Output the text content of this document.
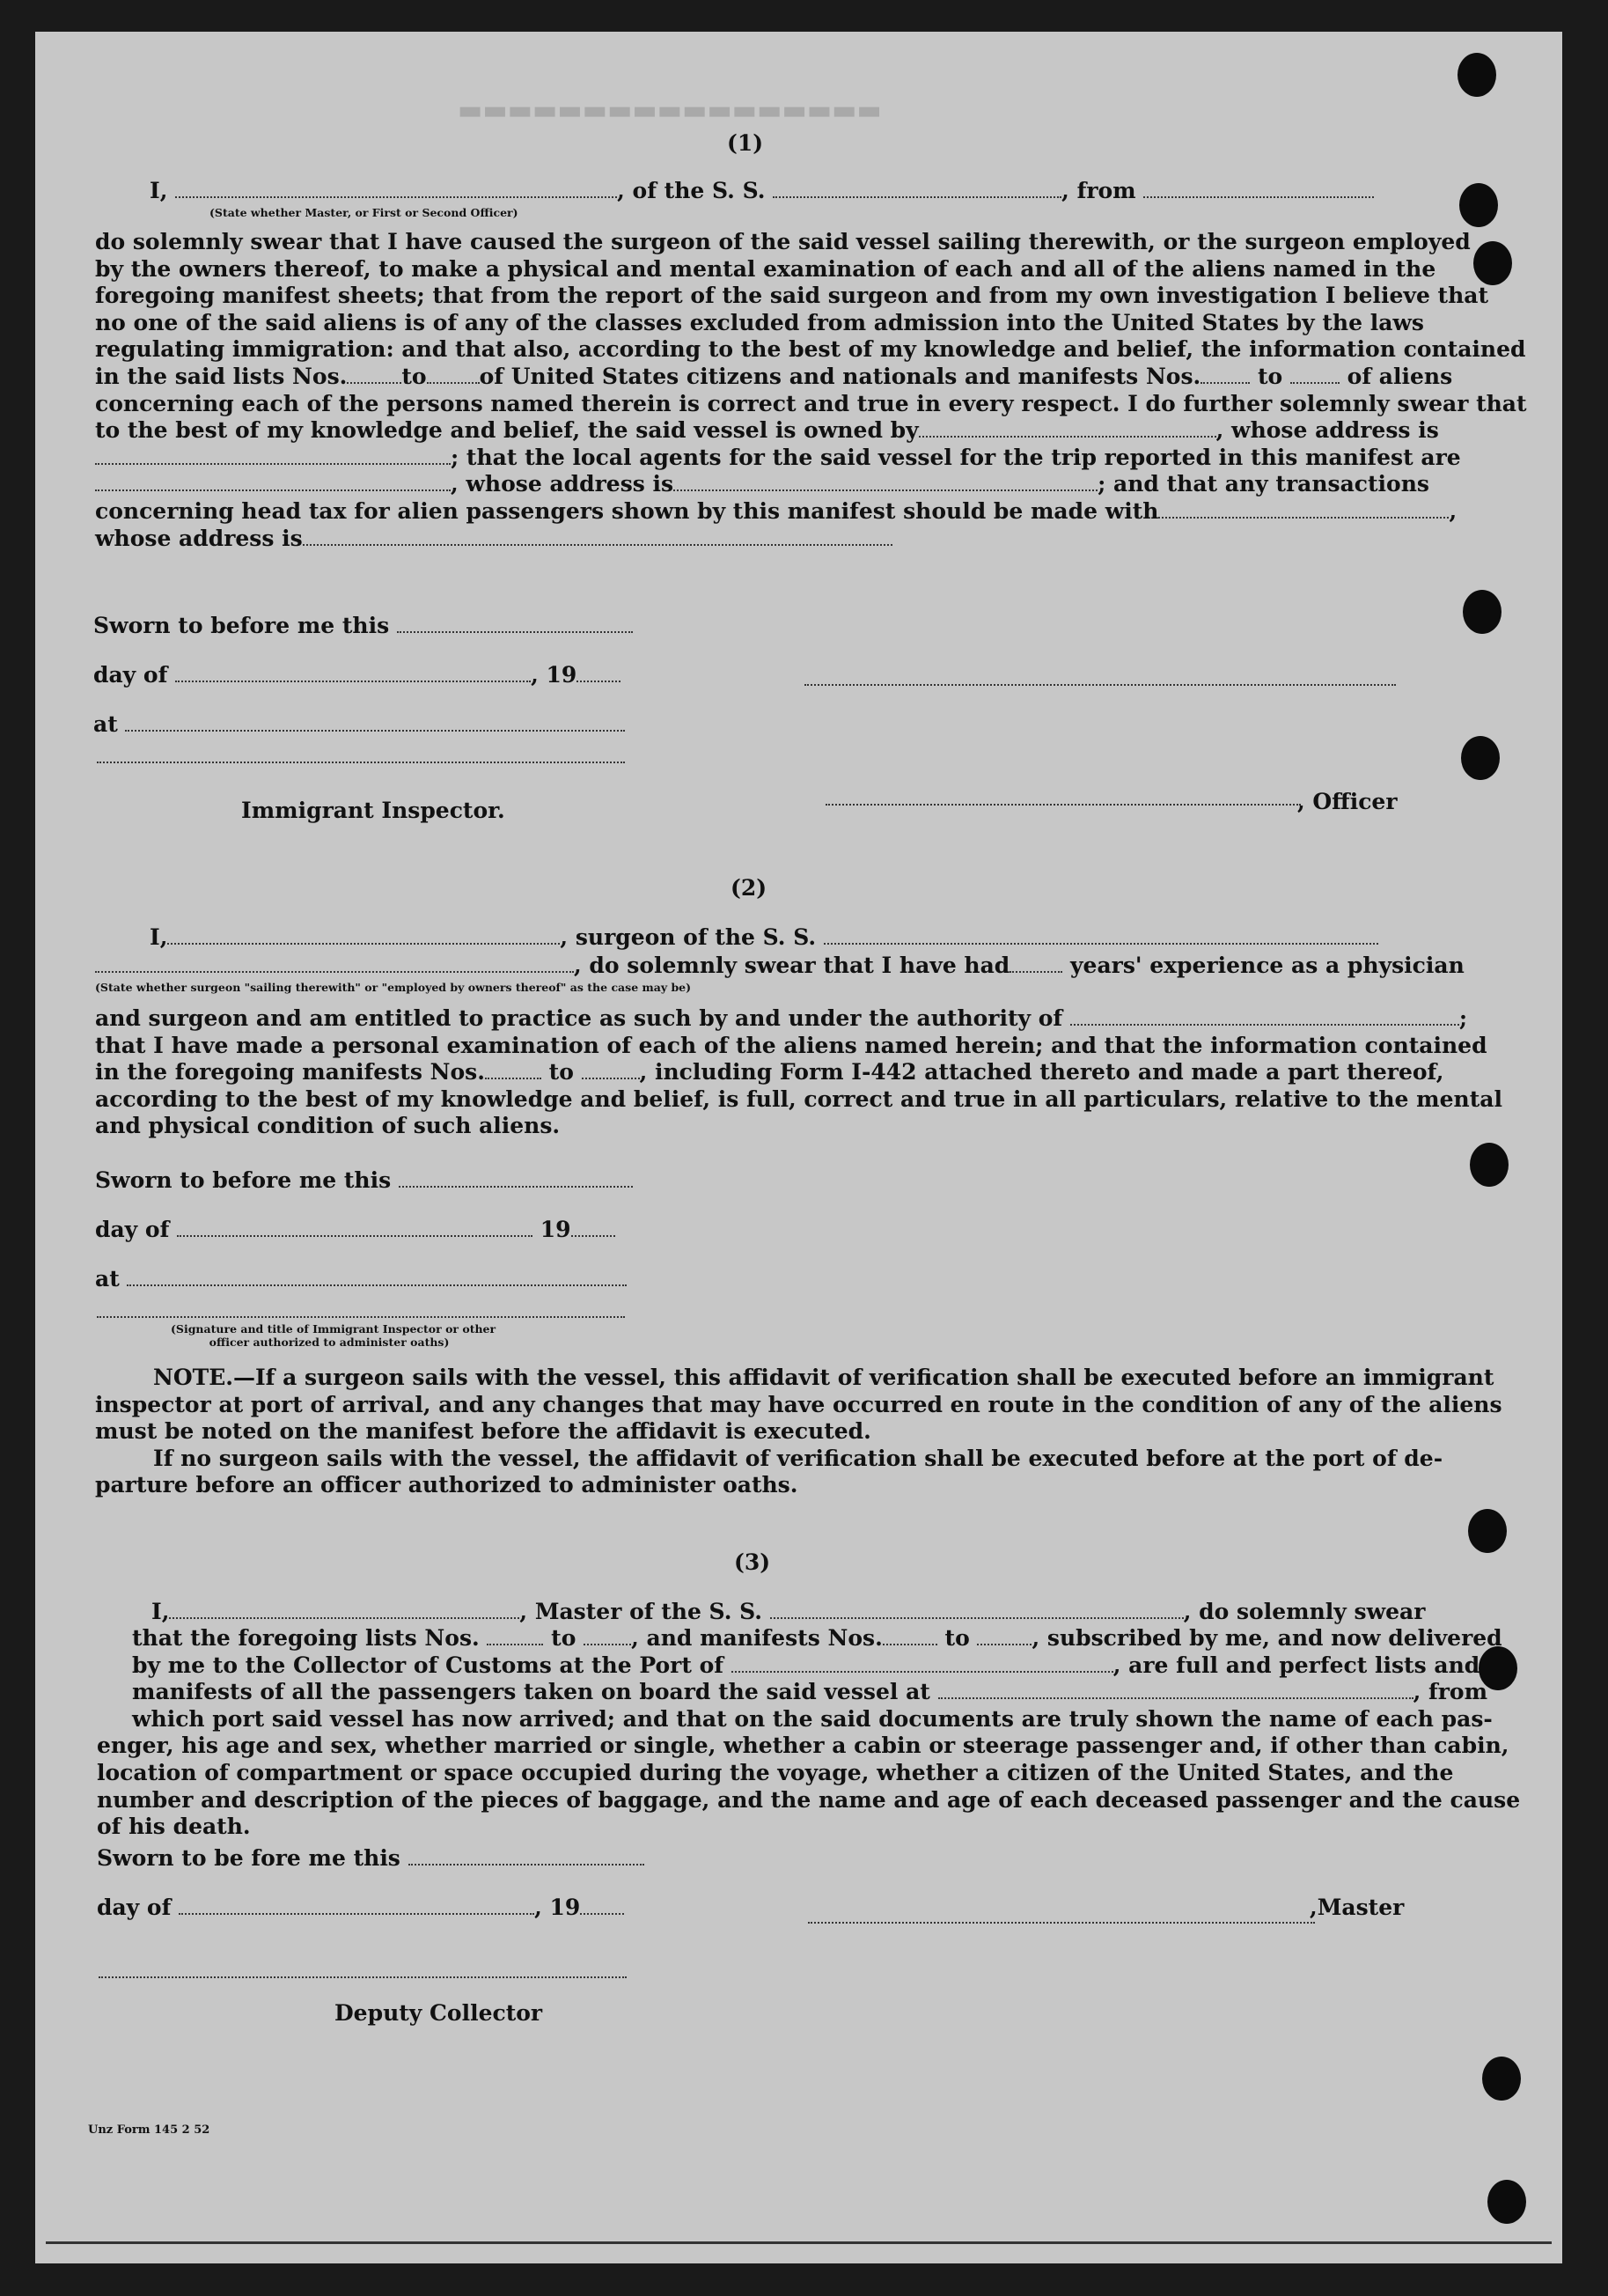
▬▬▬▬▬▬▬▬▬▬▬▬▬▬▬▬▬
(1)
I,	, of the S. S.	, from
(State whether Master, or First or Second Officer)
do solemnly swear that I have caused the surgeon of the said vessel sailing therewith, or the surgeon employed
by the owners thereof, to make a physical and mental examination of each and all of the aliens named in the
foregoing manifest sheets; that from the report of the said surgeon and from my own investigation I believe that
no one of the said aliens is of any of the classes excluded from admission into the United States by the laws
regulating immigration: and that also, according to the best of my knowledge and belief, the information contained
in the said lists Nos. to of United States citizens and nationals and manifests Nos.	to	of aliens
concerning each of the persons named therein is correct and true in every respect. I do further solemnly swear that
to the best of my knowledge and belief, the said vessel is owned by	, whose address is
; that the local agents for the said vessel for the trip reported in this manifest are
, whose address is	; and that any transactions
concerning head tax for alien passengers shown by this manifest should be made with	,
whose address is
Sworn to before me this
day of	, 19
at
Immigrant Inspector.	, Officer
(2)
I,	, surgeon of the S. S.
, do solemnly swear that I have had	years' experience as a physician
(State whether surgeon "sailing therewith" or "employed by owners thereof" as the case may be)
and surgeon and am entitled to practice as such by and under the authority of	;
that I have made a personal examination of each of the aliens named herein; and that the information contained
in the foregoing manifests Nos.	to	, including Form I-442 attached thereto and made a part thereof,
according to the best of my knowledge and belief, is full, correct and true in all particulars, relative to the mental
and physical condition of such aliens.
Sworn to before me this
day of	19
at
(Signature and title of Immigrant Inspector or other
officer authorized to administer oaths)
NOTE.—If a surgeon sails with the vessel, this affidavit of verification shall be executed before an immigrant
inspector at port of arrival, and any changes that may have occurred en route in the condition of any of the aliens
must be noted on the manifest before the affidavit is executed.
If no surgeon sails with the vessel, the affidavit of verification shall be executed before at the port of de-
parture before an officer authorized to administer oaths.
(3)
I,	, Master of the S. S.	, do solemnly swear
that the foregoing lists Nos.	to	, and manifests Nos.	to	, subscribed by me, and now delivered
by me to the Collector of Customs at the Port of	, are full and perfect lists and
manifests of all the passengers taken on board the said vessel at	, from
which port said vessel has now arrived; and that on the said documents are truly shown the name of each pas-
enger, his age and sex, whether married or single, whether a cabin or steerage passenger and, if other than cabin,
location of compartment or space occupied during the voyage, whether a citizen of the United States, and the
number and description of the pieces of baggage, and the name and age of each deceased passenger and the cause
of his death.
Sworn to be fore me this
day of	, 19	,Master
Deputy Collector
Unz Form 145 2 52
